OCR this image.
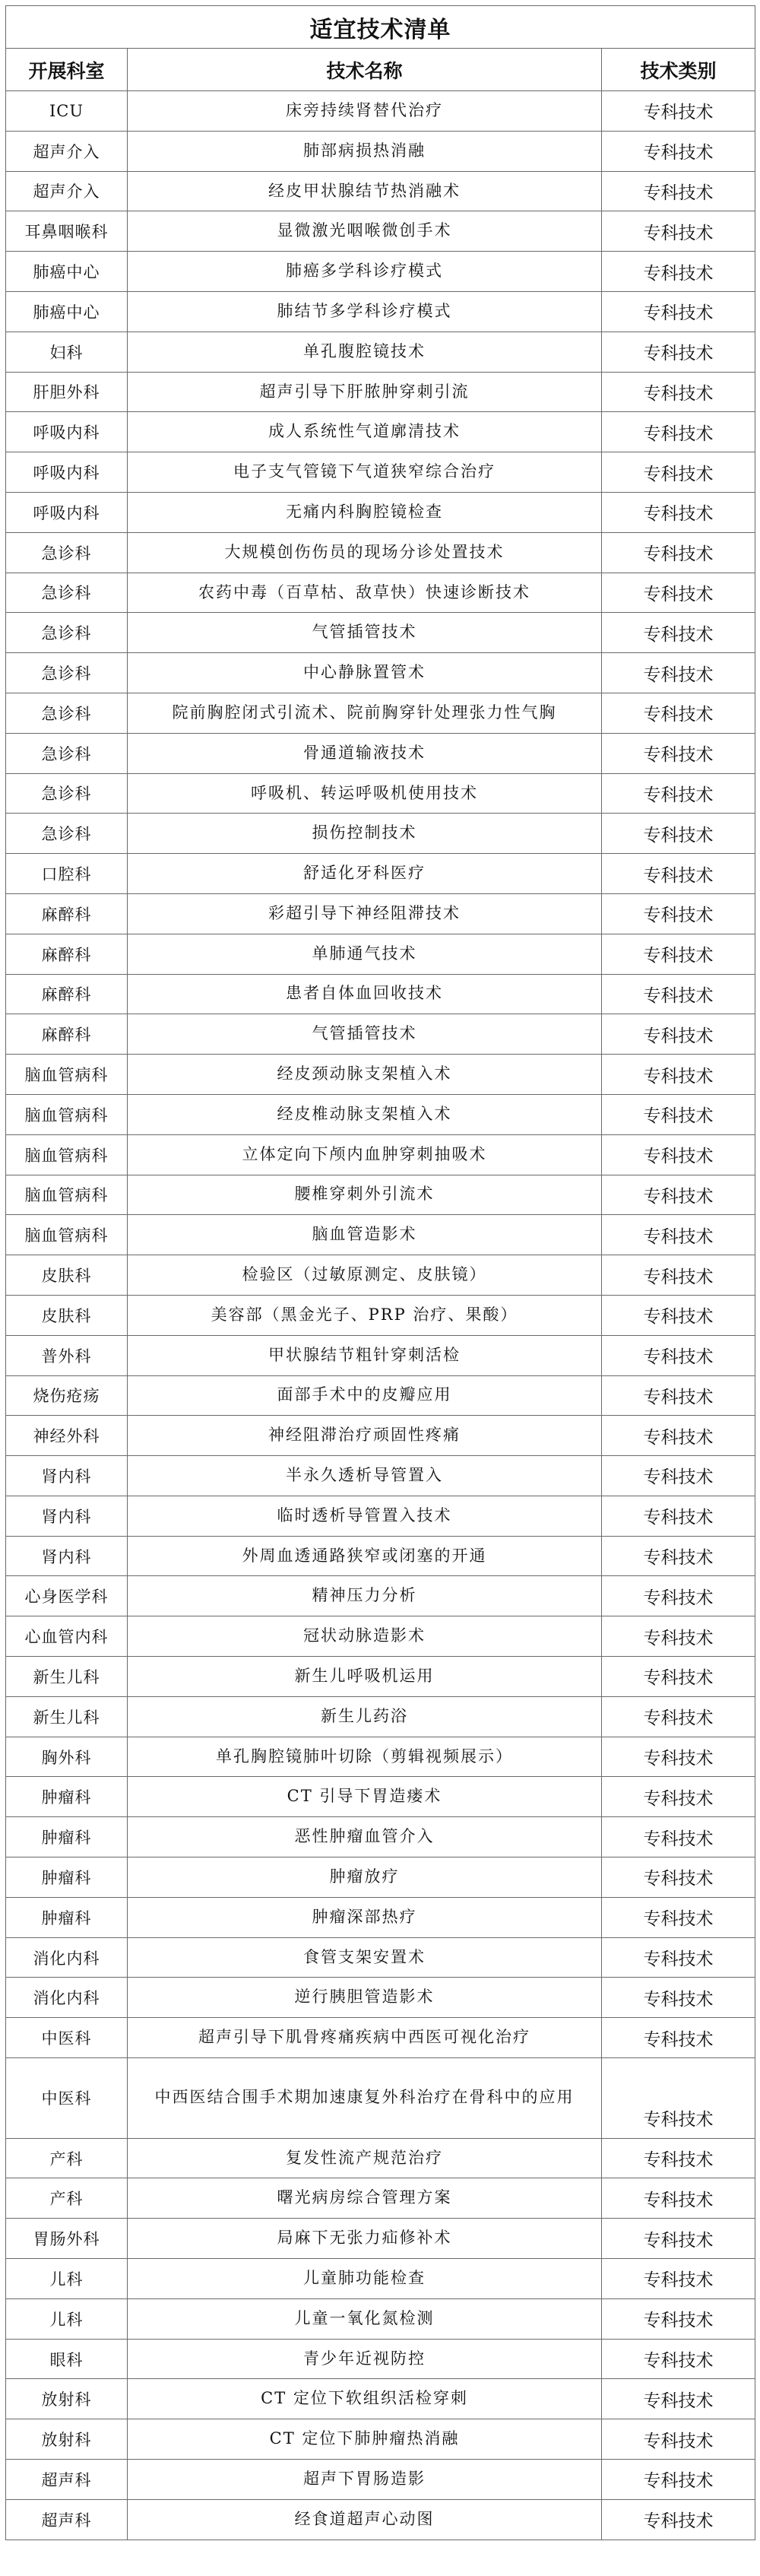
适宜技术清单		
开展科室	技术名称	技术类别
ICU	床旁持续肾替代治疗	专科技术
超声介入	肺部病损热消融	专科技术
超声介入	经皮甲状腺结节热消融术	专科技术
耳鼻咽喉科	显微激光咽喉微创手术	专科技术
肺癌中心	肺癌多学科诊疗模式	专科技术
肺癌中心	肺结节多学科诊疗模式	专科技术
妇科	单孔腹腔镜技术	专科技术
肝胆外科	超声引导下肝脓肿穿刺引流	专科技术
呼吸内科	成人系统性气道廓清技术	专科技术
呼吸内科	电子支气管镜下气道狭窄综合治疗	专科技术
呼吸内科	无痛内科胸腔镜检查	专科技术
急诊科	大规模创伤伤员的现场分诊处置技术	专科技术
急诊科	农药中毒（百草枯、敌草快）快速诊断技术	专科技术
急诊科	气管插管技术	专科技术
急诊科	中心静脉置管术	专科技术
急诊科	院前胸腔闭式引流术、院前胸穿针处理张力性气胸	专科技术
急诊科	骨通道输液技术	专科技术
急诊科	呼吸机、转运呼吸机使用技术	专科技术
急诊科	损伤控制技术	专科技术
口腔科	舒适化牙科医疗	专科技术
麻醉科	彩超引导下神经阻滞技术	专科技术
麻醉科	单肺通气技术	专科技术
麻醉科	患者自体血回收技术	专科技术
麻醉科	气管插管技术	专科技术
脑血管病科	经皮颈动脉支架植入术	专科技术
脑血管病科	经皮椎动脉支架植入术	专科技术
脑血管病科	立体定向下颅内血肿穿刺抽吸术	专科技术
脑血管病科	腰椎穿刺外引流术	专科技术
脑血管病科	脑血管造影术	专科技术
皮肤科	检验区（过敏原测定、皮肤镜）	专科技术
皮肤科	美容部（黑金光子、PRP 治疗、果酸）	专科技术
普外科	甲状腺结节粗针穿刺活检	专科技术
烧伤疮疡	面部手术中的皮瓣应用	专科技术
神经外科	神经阻滞治疗顽固性疼痛	专科技术
肾内科	半永久透析导管置入	专科技术
肾内科	临时透析导管置入技术	专科技术
肾内科	外周血透通路狭窄或闭塞的开通	专科技术
心身医学科	精神压力分析	专科技术
心血管内科	冠状动脉造影术	专科技术
新生儿科	新生儿呼吸机运用	专科技术
新生儿科	新生儿药浴	专科技术
胸外科	单孔胸腔镜肺叶切除（剪辑视频展示）	专科技术
肿瘤科	CT 引导下胃造瘘术	专科技术
肿瘤科	恶性肿瘤血管介入	专科技术
肿瘤科	肿瘤放疗	专科技术
肿瘤科	肿瘤深部热疗	专科技术
消化内科	食管支架安置术	专科技术
消化内科	逆行胰胆管造影术	专科技术
中医科	超声引导下肌骨疼痛疾病中西医可视化治疗	专科技术
中医科	中西医结合围手术期加速康复外科治疗在骨科中的应用	专科技术
产科	复发性流产规范治疗	专科技术
产科	曙光病房综合管理方案	专科技术
胃肠外科	局麻下无张力疝修补术	专科技术
儿科	儿童肺功能检查	专科技术
儿科	儿童一氧化氮检测	专科技术
眼科	青少年近视防控	专科技术
放射科	CT 定位下软组织活检穿刺	专科技术
放射科	CT 定位下肺肿瘤热消融	专科技术
超声科	超声下胃肠造影	专科技术
超声科	经食道超声心动图	专科技术
